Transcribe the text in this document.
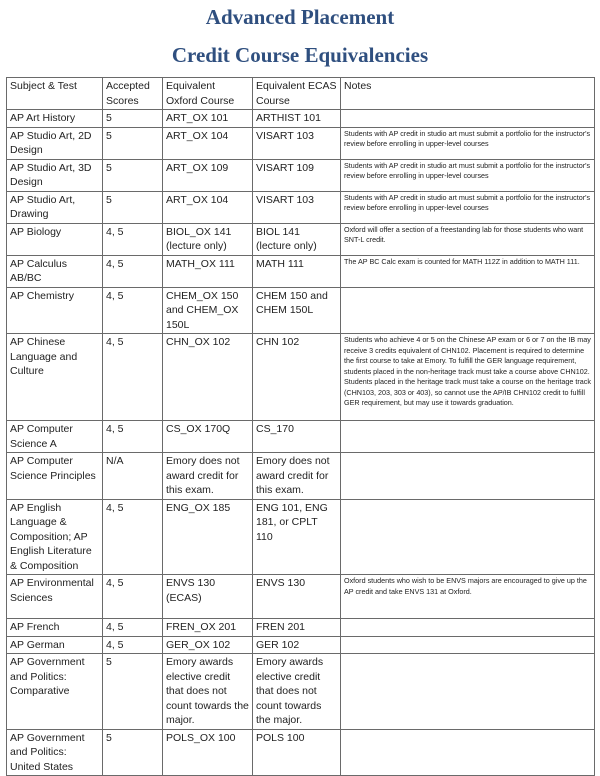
Advanced Placement
Credit Course Equivalencies
Subject & Test	Accepted Scores	Equivalent Oxford Course	Equivalent ECAS Course	Notes
AP Art History	5	ART_OX 101	ARTHIST 101	
AP Studio Art, 2D Design	5	ART_OX 104	VISART 103	Students with AP credit in studio art must submit a portfolio for the instructor's review before enrolling in upper-level courses
AP Studio Art, 3D Design	5	ART_OX 109	VISART 109	Students with AP credit in studio art must submit a portfolio for the instructor's review before enrolling in upper-level courses
AP Studio Art, Drawing	5	ART_OX 104	VISART 103	Students with AP credit in studio art must submit a portfolio for the instructor's review before enrolling in upper-level courses
AP Biology	4, 5	BIOL_OX 141 (lecture only)	BIOL 141 (lecture only)	Oxford will offer a section of a freestanding lab for those students who want SNT-L credit.
AP Calculus AB/BC	4, 5	MATH_OX 111	MATH 111	The AP BC Calc exam is counted for MATH 112Z in addition to MATH 111.
AP Chemistry	4, 5	CHEM_OX 150 and CHEM_OX 150L	CHEM 150 and CHEM 150L	
AP Chinese Language and Culture	4, 5	CHN_OX 102	CHN 102	Students who achieve 4 or 5 on the Chinese AP exam or 6 or 7 on the IB may receive 3 credits equivalent of CHN102. Placement is required to determine the first course to take at Emory. To fulfill the GER language requirement, students placed in the non-heritage track must take a course above CHN102. Students placed in the heritage track must take a course on the heritage track (CHN103, 203, 303 or 403), so cannot use the AP/IB CHN102 credit to fulfill GER requirement, but may use it towards graduation.
AP Computer Science A	4, 5	CS_OX 170Q	CS_170	
AP Computer Science Principles	N/A	Emory does not award credit for this exam.	Emory does not award credit for this exam.	
AP English Language & Composition; AP English Literature & Composition	4, 5	ENG_OX 185	ENG 101, ENG 181, or CPLT 110	
AP Environmental Sciences	4, 5	ENVS 130 (ECAS)	ENVS 130	Oxford students who wish to be ENVS majors are encouraged to give up the AP credit and take ENVS 131 at Oxford.
AP French	4, 5	FREN_OX 201	FREN 201	
AP German	4, 5	GER_OX 102	GER 102	
AP Government and Politics: Comparative	5	Emory awards elective credit that does not count towards the major.	Emory awards elective credit that does not count towards the major.	
AP Government and Politics: United States	5	POLS_OX 100	POLS 100	
